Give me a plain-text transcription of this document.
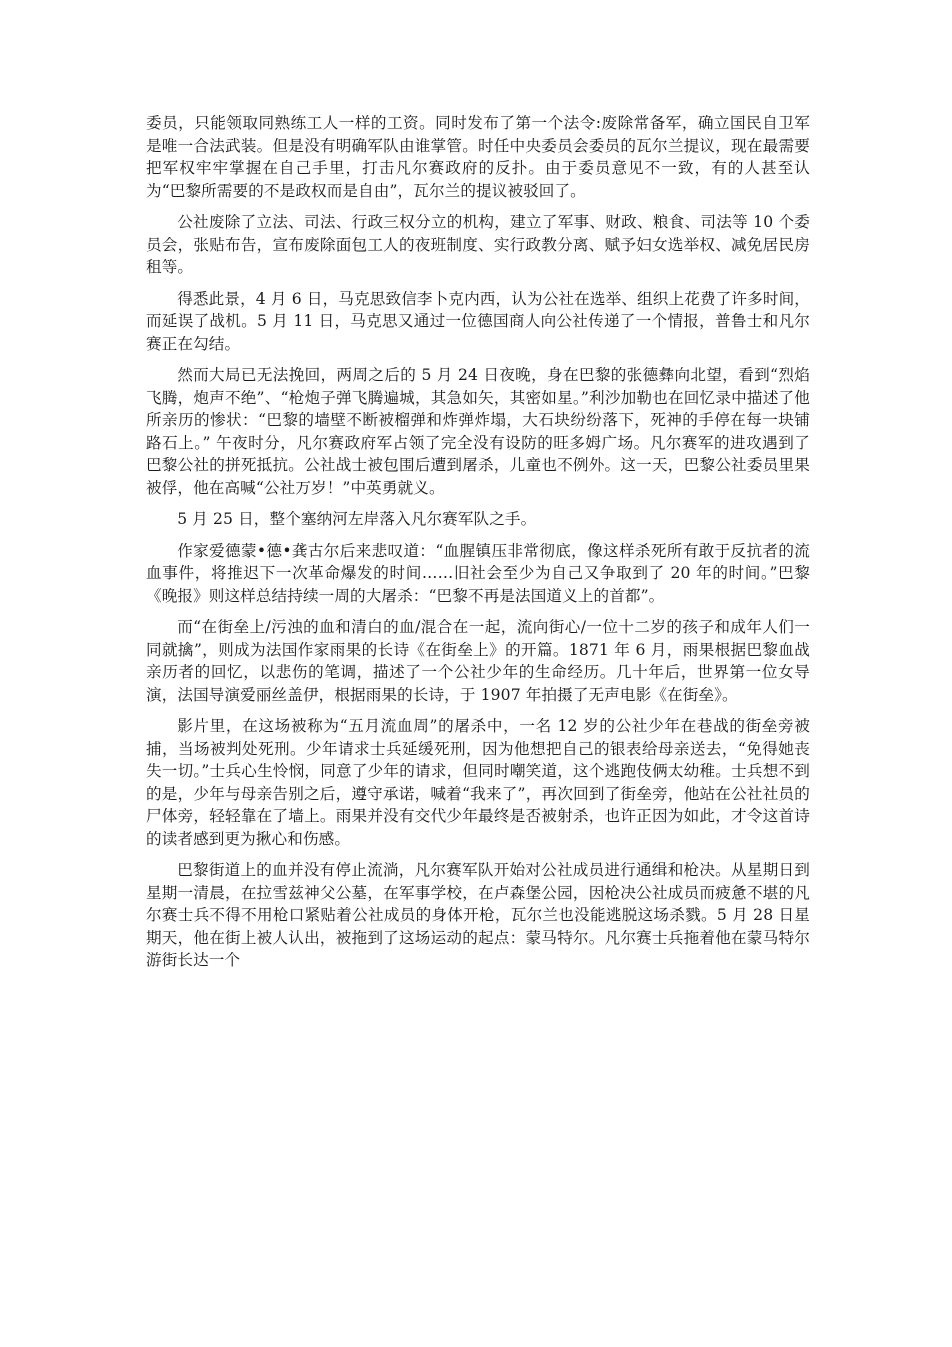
委员，只能领取同熟练工人一样的工资。同时发布了第一个法令:废除常备军，确立国民自卫军是唯一合法武装。但是没有明确军队由谁掌管。时任中央委员会委员的瓦尔兰提议，现在最需要把军权牢牢掌握在自己手里，打击凡尔赛政府的反扑。由于委员意见不一致，有的人甚至认为“巴黎所需要的不是政权而是自由”，瓦尔兰的提议被驳回了。

公社废除了立法、司法、行政三权分立的机构，建立了军事、财政、粮食、司法等 10 个委员会，张贴布告，宣布废除面包工人的夜班制度、实行政教分离、赋予妇女选举权、减免居民房租等。

得悉此景，4 月 6 日，马克思致信李卜克内西，认为公社在选举、组织上花费了许多时间，而延误了战机。5 月 11 日，马克思又通过一位德国商人向公社传递了一个情报，普鲁士和凡尔赛正在勾结。

然而大局已无法挽回，两周之后的 5 月 24 日夜晚，身在巴黎的张德彝向北望，看到“烈焰飞腾，炮声不绝”、“枪炮子弹飞腾遍城，其急如矢，其密如星。”利沙加勒也在回忆录中描述了他所亲历的惨状：“巴黎的墙壁不断被榴弹和炸弹炸塌，大石块纷纷落下，死神的手停在每一块铺路石上。” 午夜时分，凡尔赛政府军占领了完全没有设防的旺多姆广场。凡尔赛军的进攻遇到了巴黎公社的拼死抵抗。公社战士被包围后遭到屠杀，儿童也不例外。这一天，巴黎公社委员里果被俘，他在高喊“公社万岁！”中英勇就义。

5 月 25 日，整个塞纳河左岸落入凡尔赛军队之手。

作家爱德蒙•德•龚古尔后来悲叹道：“血腥镇压非常彻底，像这样杀死所有敢于反抗者的流血事件，将推迟下一次革命爆发的时间……旧社会至少为自己又争取到了 20 年的时间。”巴黎《晚报》则这样总结持续一周的大屠杀：“巴黎不再是法国道义上的首都”。

而“在街垒上/污浊的血和清白的血/混合在一起，流向街心/一位十二岁的孩子和成年人们一同就擒”，则成为法国作家雨果的长诗《在街垒上》的开篇。1871 年 6 月，雨果根据巴黎血战亲历者的回忆，以悲伤的笔调，描述了一个公社少年的生命经历。几十年后，世界第一位女导演，法国导演爱丽丝盖伊，根据雨果的长诗，于 1907 年拍摄了无声电影《在街垒》。

影片里，在这场被称为“五月流血周”的屠杀中，一名 12 岁的公社少年在巷战的街垒旁被捕，当场被判处死刑。少年请求士兵延缓死刑，因为他想把自己的银表给母亲送去，“免得她丧失一切。”士兵心生怜悯，同意了少年的请求，但同时嘲笑道，这个逃跑伎俩太幼稚。士兵想不到的是，少年与母亲告别之后，遵守承诺，喊着“我来了”，再次回到了街垒旁，他站在公社社员的尸体旁，轻轻靠在了墙上。雨果并没有交代少年最终是否被射杀，也许正因为如此，才令这首诗的读者感到更为揪心和伤感。

巴黎街道上的血并没有停止流淌，凡尔赛军队开始对公社成员进行通缉和枪决。从星期日到星期一清晨，在拉雪兹神父公墓，在军事学校，在卢森堡公园，因枪决公社成员而疲惫不堪的凡尔赛士兵不得不用枪口紧贴着公社成员的身体开枪，瓦尔兰也没能逃脱这场杀戮。5 月 28 日星期天，他在街上被人认出，被拖到了这场运动的起点：蒙马特尔。凡尔赛士兵拖着他在蒙马特尔游街长达一个
